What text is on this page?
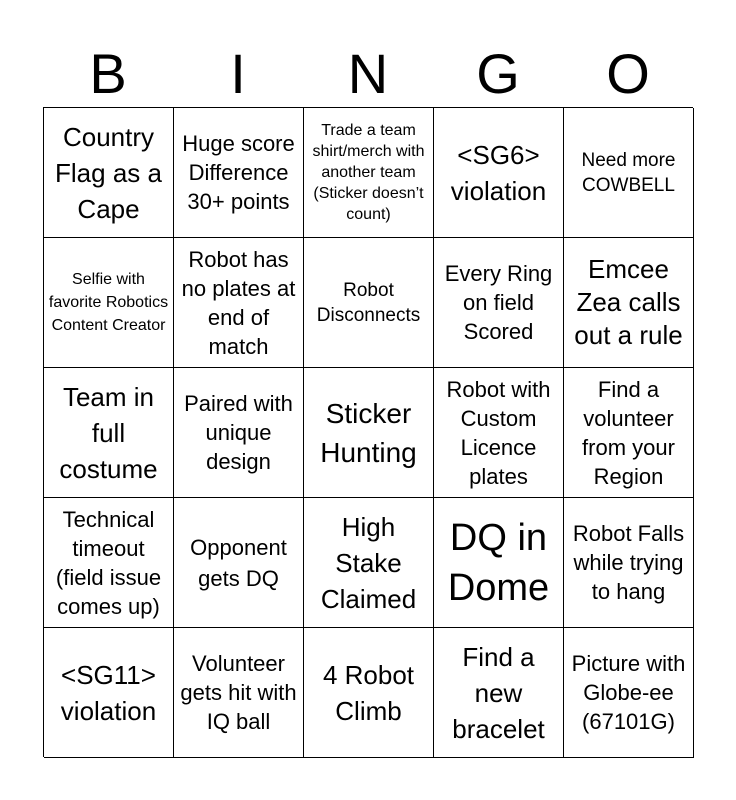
B	I	N	G	O
Country Flag as a Cape
Huge score Difference 30+ points
Trade a team shirt/merch with another team (Sticker doesn’t count)
<SG6> violation
Need more COWBELL
Selfie with favorite Robotics Content Creator
Robot has no plates at end of match
Robot Disconnects
Every Ring on field Scored
Emcee Zea calls out a rule
Team in full costume
Paired with unique design
Sticker Hunting
Robot with Custom Licence plates
Find a volunteer from your Region
Technical timeout (field issue comes up)
Opponent gets DQ
High Stake Claimed
DQ in Dome
Robot Falls while trying to hang
<SG11> violation
Volunteer gets hit with IQ ball
4 Robot Climb
Find a new bracelet
Picture with Globe-ee (67101G)
